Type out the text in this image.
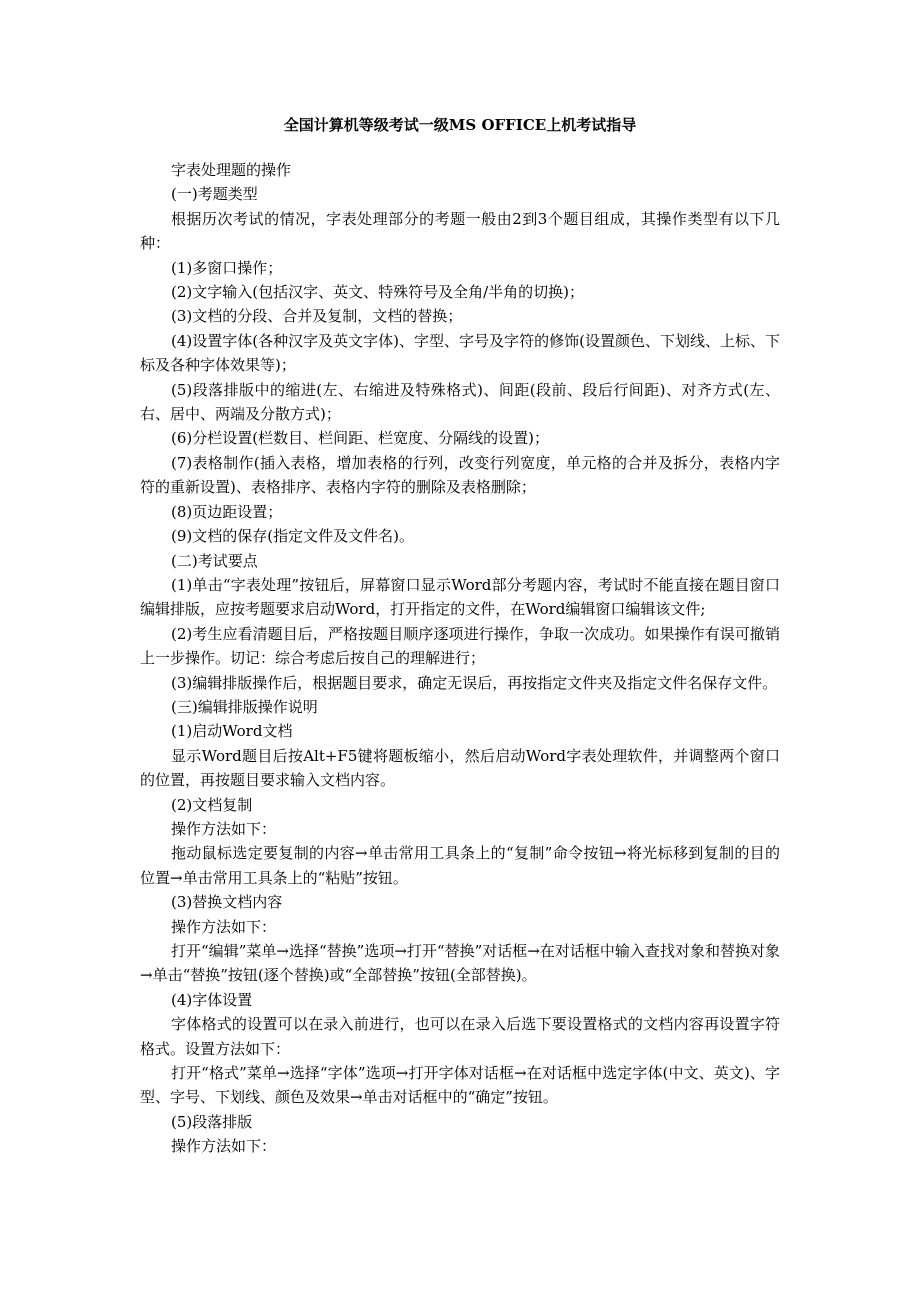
全国计算机等级考试一级MS OFFICE上机考试指导

字表处理题的操作

(一)考题类型

根据历次考试的情况，字表处理部分的考题一般由2到3个题目组成，其操作类型有以下几种：

(1)多窗口操作；

(2)文字输入(包括汉字、英文、特殊符号及全角/半角的切换)；

(3)文档的分段、合并及复制，文档的替换；

(4)设置字体(各种汉字及英文字体)、字型、字号及字符的修饰(设置颜色、下划线、上标、下标及各种字体效果等)；

(5)段落排版中的缩进(左、右缩进及特殊格式)、间距(段前、段后行间距)、对齐方式(左、右、居中、两端及分散方式)；

(6)分栏设置(栏数目、栏间距、栏宽度、分隔线的设置)；

(7)表格制作(插入表格，增加表格的行列，改变行列宽度，单元格的合并及拆分，表格内字符的重新设置)、表格排序、表格内字符的删除及表格删除；

(8)页边距设置；

(9)文档的保存(指定文件及文件名)。

(二)考试要点

(1)单击“字表处理”按钮后，屏幕窗口显示Word部分考题内容，考试时不能直接在题目窗口编辑排版，应按考题要求启动Word，打开指定的文件，在Word编辑窗口编辑该文件;

(2)考生应看清题目后，严格按题目顺序逐项进行操作，争取一次成功。如果操作有误可撤销上一步操作。切记：综合考虑后按自己的理解进行；

(3)编辑排版操作后，根据题目要求，确定无误后，再按指定文件夹及指定文件名保存文件。

(三)编辑排版操作说明

(1)启动Word文档

显示Word题目后按Alt+F5键将题板缩小，然后启动Word字表处理软件，并调整两个窗口的位置，再按题目要求输入文档内容。

(2)文档复制

操作方法如下：

拖动鼠标选定要复制的内容→单击常用工具条上的“复制”命令按钮→将光标移到复制的目的位置→单击常用工具条上的“粘贴”按钮。

(3)替换文档内容

操作方法如下：

打开“编辑”菜单→选择“替换”选项→打开“替换”对话框→在对话框中输入查找对象和替换对象→单击“替换”按钮(逐个替换)或“全部替换”按钮(全部替换)。

(4)字体设置

字体格式的设置可以在录入前进行，也可以在录入后选下要设置格式的文档内容再设置字符格式。设置方法如下：

打开“格式”菜单→选择“字体”选项→打开字体对话框→在对话框中选定字体(中文、英文)、字型、字号、下划线、颜色及效果→单击对话框中的“确定”按钮。

(5)段落排版

操作方法如下：
